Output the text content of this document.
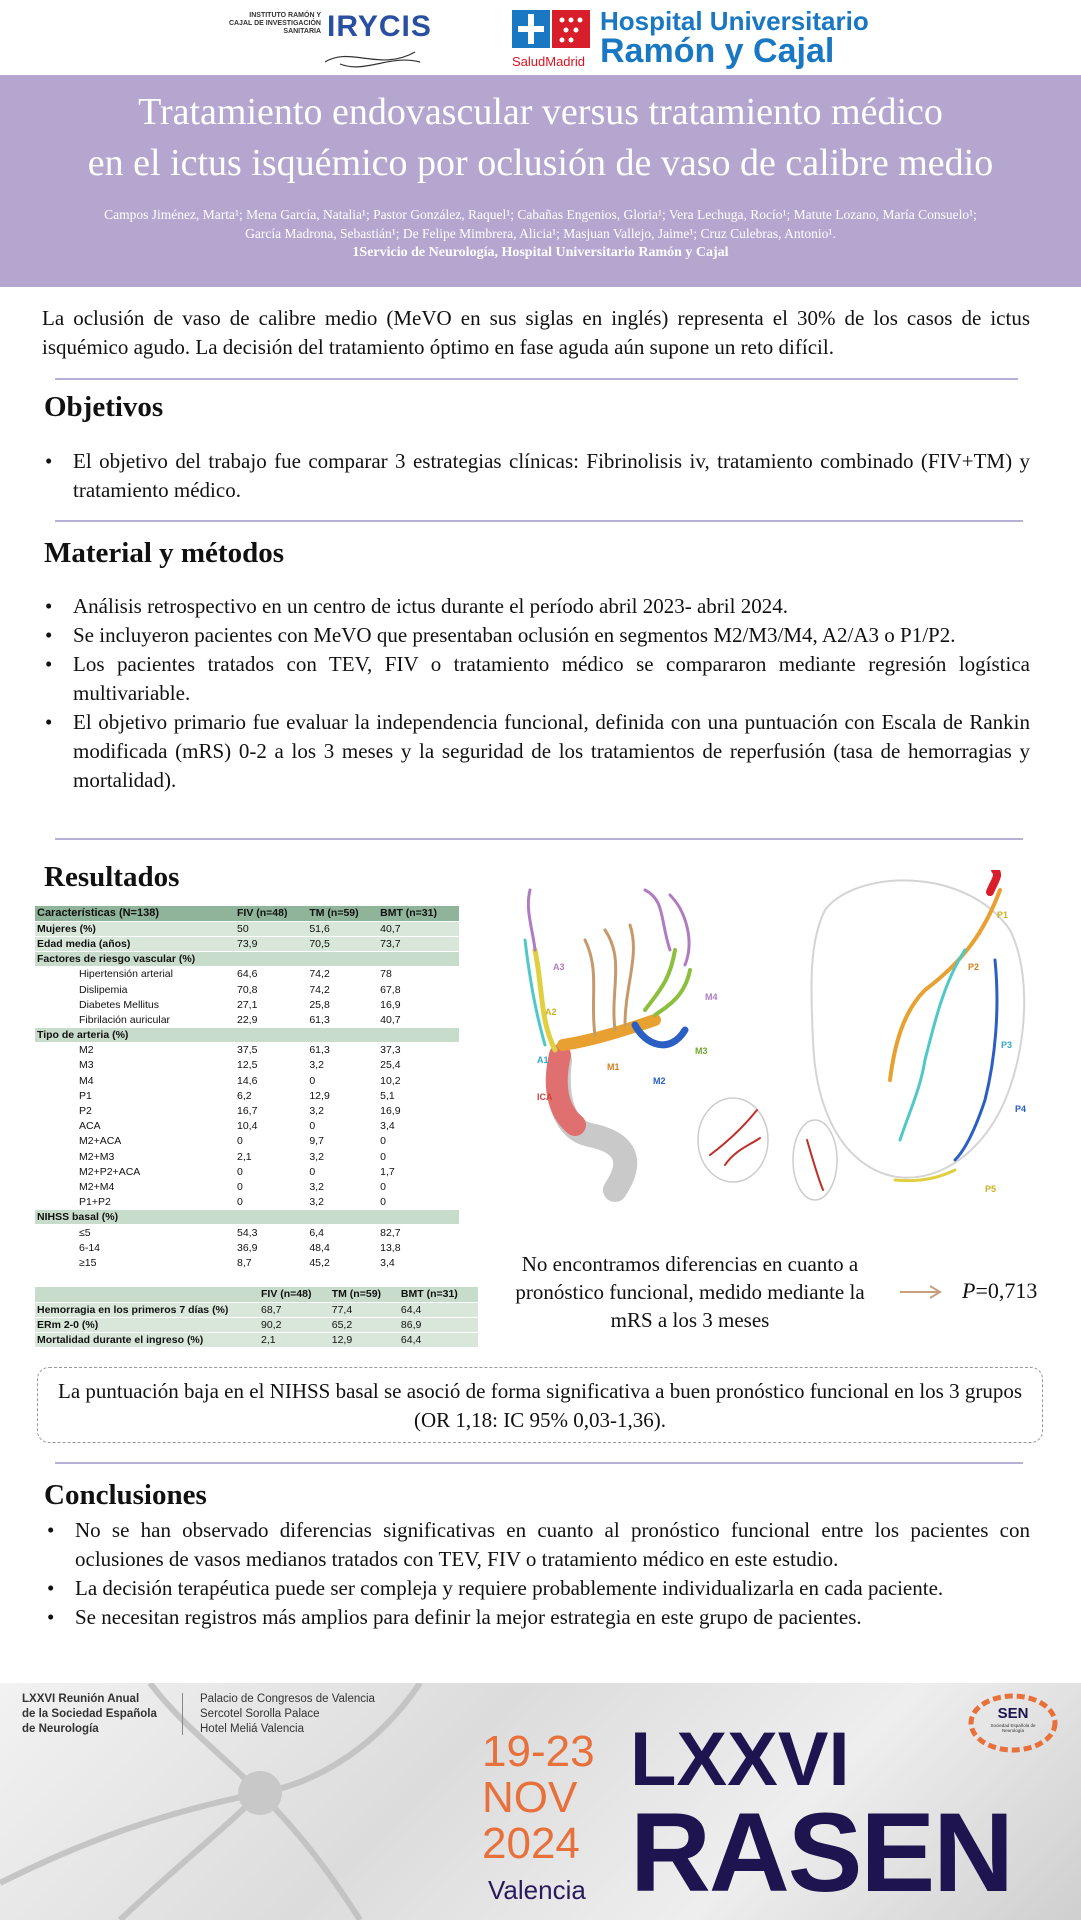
INSTITUTO RAMÓN Y CAJAL DE INVESTIGACIÓN SANITARIA IRYCIS
SaludMadrid
Hospital Universitario
Ramón y Cajal
Tratamiento endovascular versus tratamiento médico
en el ictus isquémico por oclusión de vaso de calibre medio
Campos Jiménez, Marta¹; Mena García, Natalia¹; Pastor González, Raquel¹; Cabañas Engenios, Gloria¹; Vera Lechuga, Rocío¹; Matute Lozano, María Consuelo¹;
García Madrona, Sebastián¹; De Felipe Mimbrera, Alicia¹; Masjuan Vallejo, Jaime¹; Cruz Culebras, Antonio¹.
1Servicio de Neurología, Hospital Universitario Ramón y Cajal
La oclusión de vaso de calibre medio (MeVO en sus siglas en inglés) representa el 30% de los casos de ictus isquémico agudo. La decisión del tratamiento óptimo en fase aguda aún supone un reto difícil.
Objetivos
• El objetivo del trabajo fue comparar 3 estrategias clínicas: Fibrinolisis iv, tratamiento combinado (FIV+TM) y tratamiento médico.
Material y métodos
• Análisis retrospectivo en un centro de ictus durante el período abril 2023- abril 2024.
• Se incluyeron pacientes con MeVO que presentaban oclusión en segmentos M2/M3/M4, A2/A3 o P1/P2.
• Los pacientes tratados con TEV, FIV o tratamiento médico se compararon mediante regresión logística multivariable.
• El objetivo primario fue evaluar la independencia funcional, definida con una puntuación con Escala de Rankin modificada (mRS) 0-2 a los 3 meses y la seguridad de los tratamientos de reperfusión (tasa de hemorragias y mortalidad).
Resultados
Características (N=138)	FIV (n=48)	TM (n=59)	BMT (n=31)
Mujeres (%)	50	51,6	40,7
Edad media (años)	73,9	70,5	73,7
Factores de riesgo vascular (%)			
Hipertensión arterial	64,6	74,2	78
Dislipemia	70,8	74,2	67,8
Diabetes Mellitus	27,1	25,8	16,9
Fibrilación auricular	22,9	61,3	40,7
Tipo de arteria (%)			
M2	37,5	61,3	37,3
M3	12,5	3,2	25,4
M4	14,6	0	10,2
P1	6,2	12,9	5,1
P2	16,7	3,2	16,9
ACA	10,4	0	3,4
M2+ACA	0	9,7	0
M2+M3	2,1	3,2	0
M2+P2+ACA	0	0	1,7
M2+M4	0	3,2	0
P1+P2	0	3,2	0
NIHSS basal (%)			
≤5	54,3	6,4	82,7
6-14	36,9	48,4	13,8
≥15	8,7	45,2	3,4
	FIV (n=48)	TM (n=59)	BMT (n=31)
Hemorragia en los primeros 7 días (%)	68,7	77,4	64,4
ERm 2-0 (%)	90,2	65,2	86,9
Mortalidad durante el ingreso (%)	2,1	12,9	64,4
A3
A2
A1
ICA
M1
M2
M3
M4
P1
P2
P3
P4
P5
No encontramos diferencias en cuanto a pronóstico funcional, medido mediante la mRS a los 3 meses
P=0,713
La puntuación baja en el NIHSS basal se asoció de forma significativa a buen pronóstico funcional en los 3 grupos (OR 1,18: IC 95% 0,03-1,36).
Conclusiones
• No se han observado diferencias significativas en cuanto al pronóstico funcional entre los pacientes con oclusiones de vasos medianos tratados con TEV, FIV o tratamiento médico en este estudio.
• La decisión terapéutica puede ser compleja y requiere probablemente individualizarla en cada paciente.
• Se necesitan registros más amplios para definir la mejor estrategia en este grupo de pacientes.
LXXVI Reunión Anual
de la Sociedad Española
de Neurología
Palacio de Congresos de Valencia
Sercotel Sorolla Palace
Hotel Meliá Valencia	19-23
NOV
2024
Valencia
LXXVI
RASEN
SEN
Sociedad Española de Neurología
